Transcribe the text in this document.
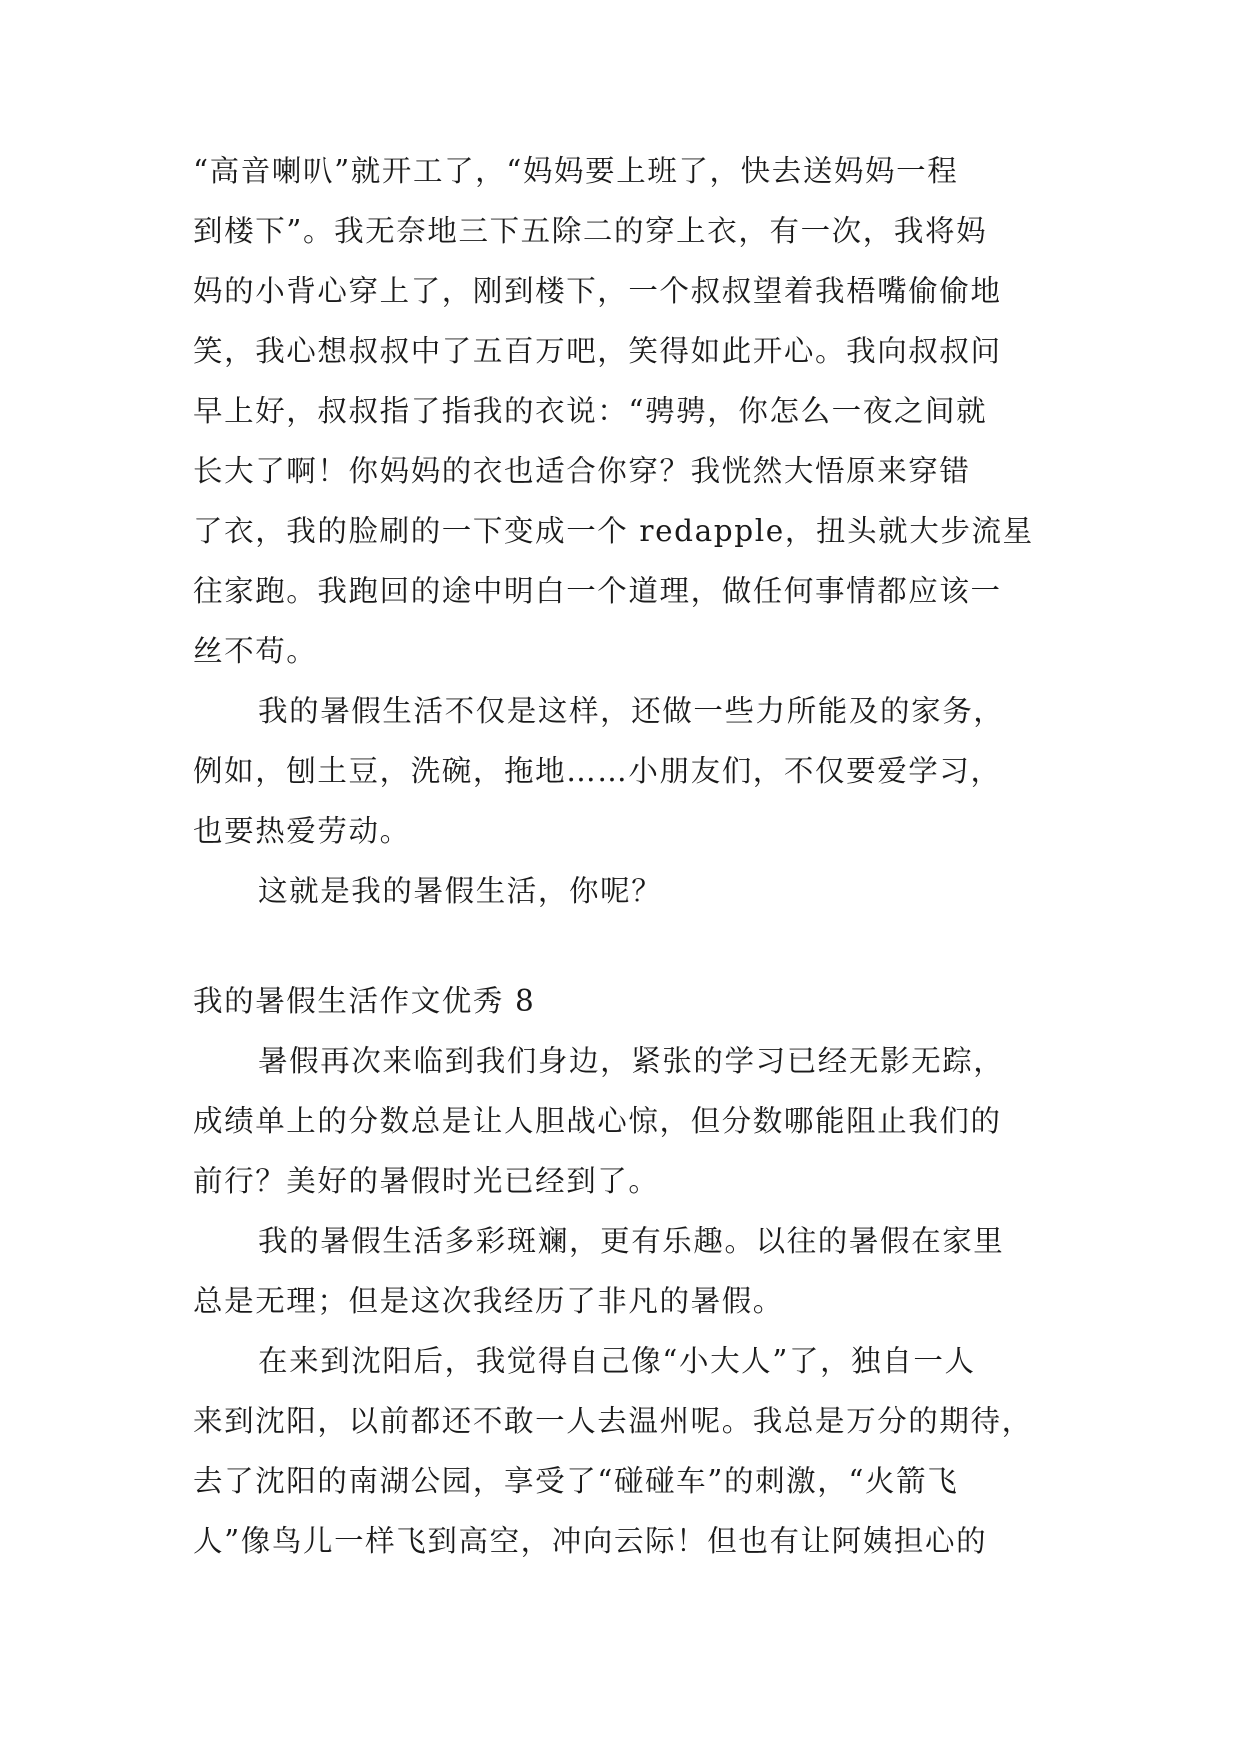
“高音喇叭”就开工了，“妈妈要上班了，快去送妈妈一程
到楼下”。我无奈地三下五除二的穿上衣，有一次，我将妈
妈的小背心穿上了，刚到楼下，一个叔叔望着我梧嘴偷偷地
笑，我心想叔叔中了五百万吧，笑得如此开心。我向叔叔问
早上好，叔叔指了指我的衣说：“骋骋，你怎么一夜之间就
长大了啊！你妈妈的衣也适合你穿？我恍然大悟原来穿错
了衣，我的脸刷的一下变成一个 redapple，扭头就大步流星
往家跑。我跑回的途中明白一个道理，做任何事情都应该一
丝不苟。
我的暑假生活不仅是这样，还做一些力所能及的家务，
例如，刨土豆，洗碗，拖地……小朋友们，不仅要爱学习，
也要热爱劳动。
这就是我的暑假生活，你呢？
我的暑假生活作文优秀 8
暑假再次来临到我们身边，紧张的学习已经无影无踪，
成绩单上的分数总是让人胆战心惊，但分数哪能阻止我们的
前行？美好的暑假时光已经到了。
我的暑假生活多彩斑斓，更有乐趣。以往的暑假在家里
总是无理；但是这次我经历了非凡的暑假。
在来到沈阳后，我觉得自己像“小大人”了，独自一人
来到沈阳，以前都还不敢一人去温州呢。我总是万分的期待，
去了沈阳的南湖公园，享受了“碰碰车”的刺激，“火箭飞
人”像鸟儿一样飞到高空，冲向云际！但也有让阿姨担心的
